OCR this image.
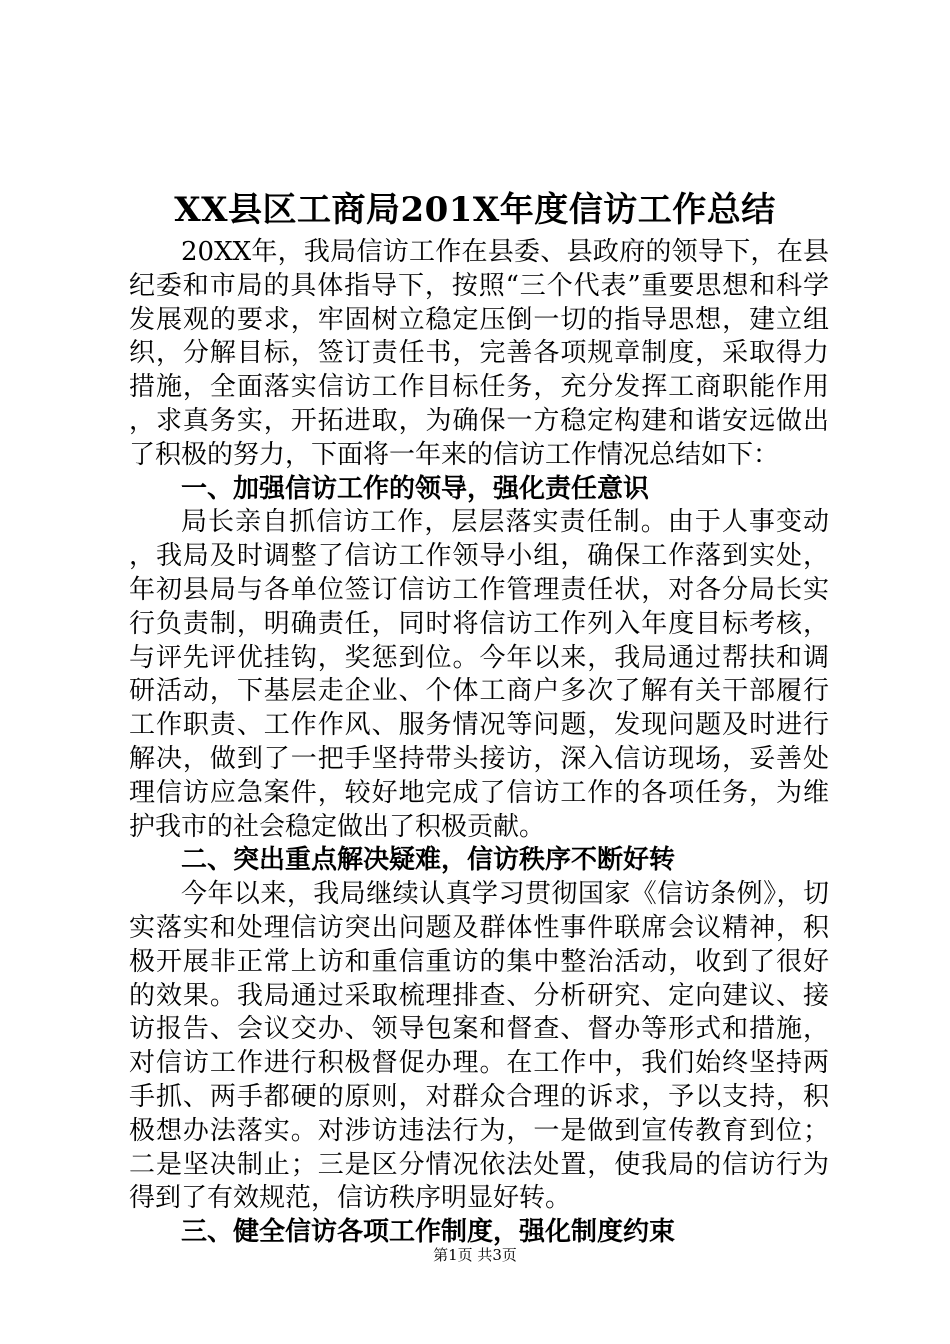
XX县区工商局201X年度信访工作总结

20XX年，我局信访工作在县委、县政府的领导下，在县纪委和市局的具体指导下，按照“三个代表”重要思想和科学发展观的要求，牢固树立稳定压倒一切的指导思想，建立组织，分解目标，签订责任书，完善各项规章制度，采取得力措施，全面落实信访工作目标任务，充分发挥工商职能作用，求真务实，开拓进取，为确保一方稳定构建和谐安远做出了积极的努力，下面将一年来的信访工作情况总结如下：

一、加强信访工作的领导，强化责任意识

局长亲自抓信访工作，层层落实责任制。由于人事变动，我局及时调整了信访工作领导小组，确保工作落到实处，年初县局与各单位签订信访工作管理责任状，对各分局长实行负责制，明确责任，同时将信访工作列入年度目标考核，与评先评优挂钩，奖惩到位。今年以来，我局通过帮扶和调研活动，下基层走企业、个体工商户多次了解有关干部履行工作职责、工作作风、服务情况等问题，发现问题及时进行解决，做到了一把手坚持带头接访，深入信访现场，妥善处理信访应急案件，较好地完成了信访工作的各项任务，为维护我市的社会稳定做出了积极贡献。

二、突出重点解决疑难，信访秩序不断好转

今年以来，我局继续认真学习贯彻国家《信访条例》，切实落实和处理信访突出问题及群体性事件联席会议精神，积极开展非正常上访和重信重访的集中整治活动，收到了很好的效果。我局通过采取梳理排查、分析研究、定向建议、接访报告、会议交办、领导包案和督查、督办等形式和措施，对信访工作进行积极督促办理。在工作中，我们始终坚持两手抓、两手都硬的原则，对群众合理的诉求，予以支持，积极想办法落实。对涉访违法行为，一是做到宣传教育到位；二是坚决制止；三是区分情况依法处置，使我局的信访行为得到了有效规范，信访秩序明显好转。

三、健全信访各项工作制度，强化制度约束

第1页 共3页
